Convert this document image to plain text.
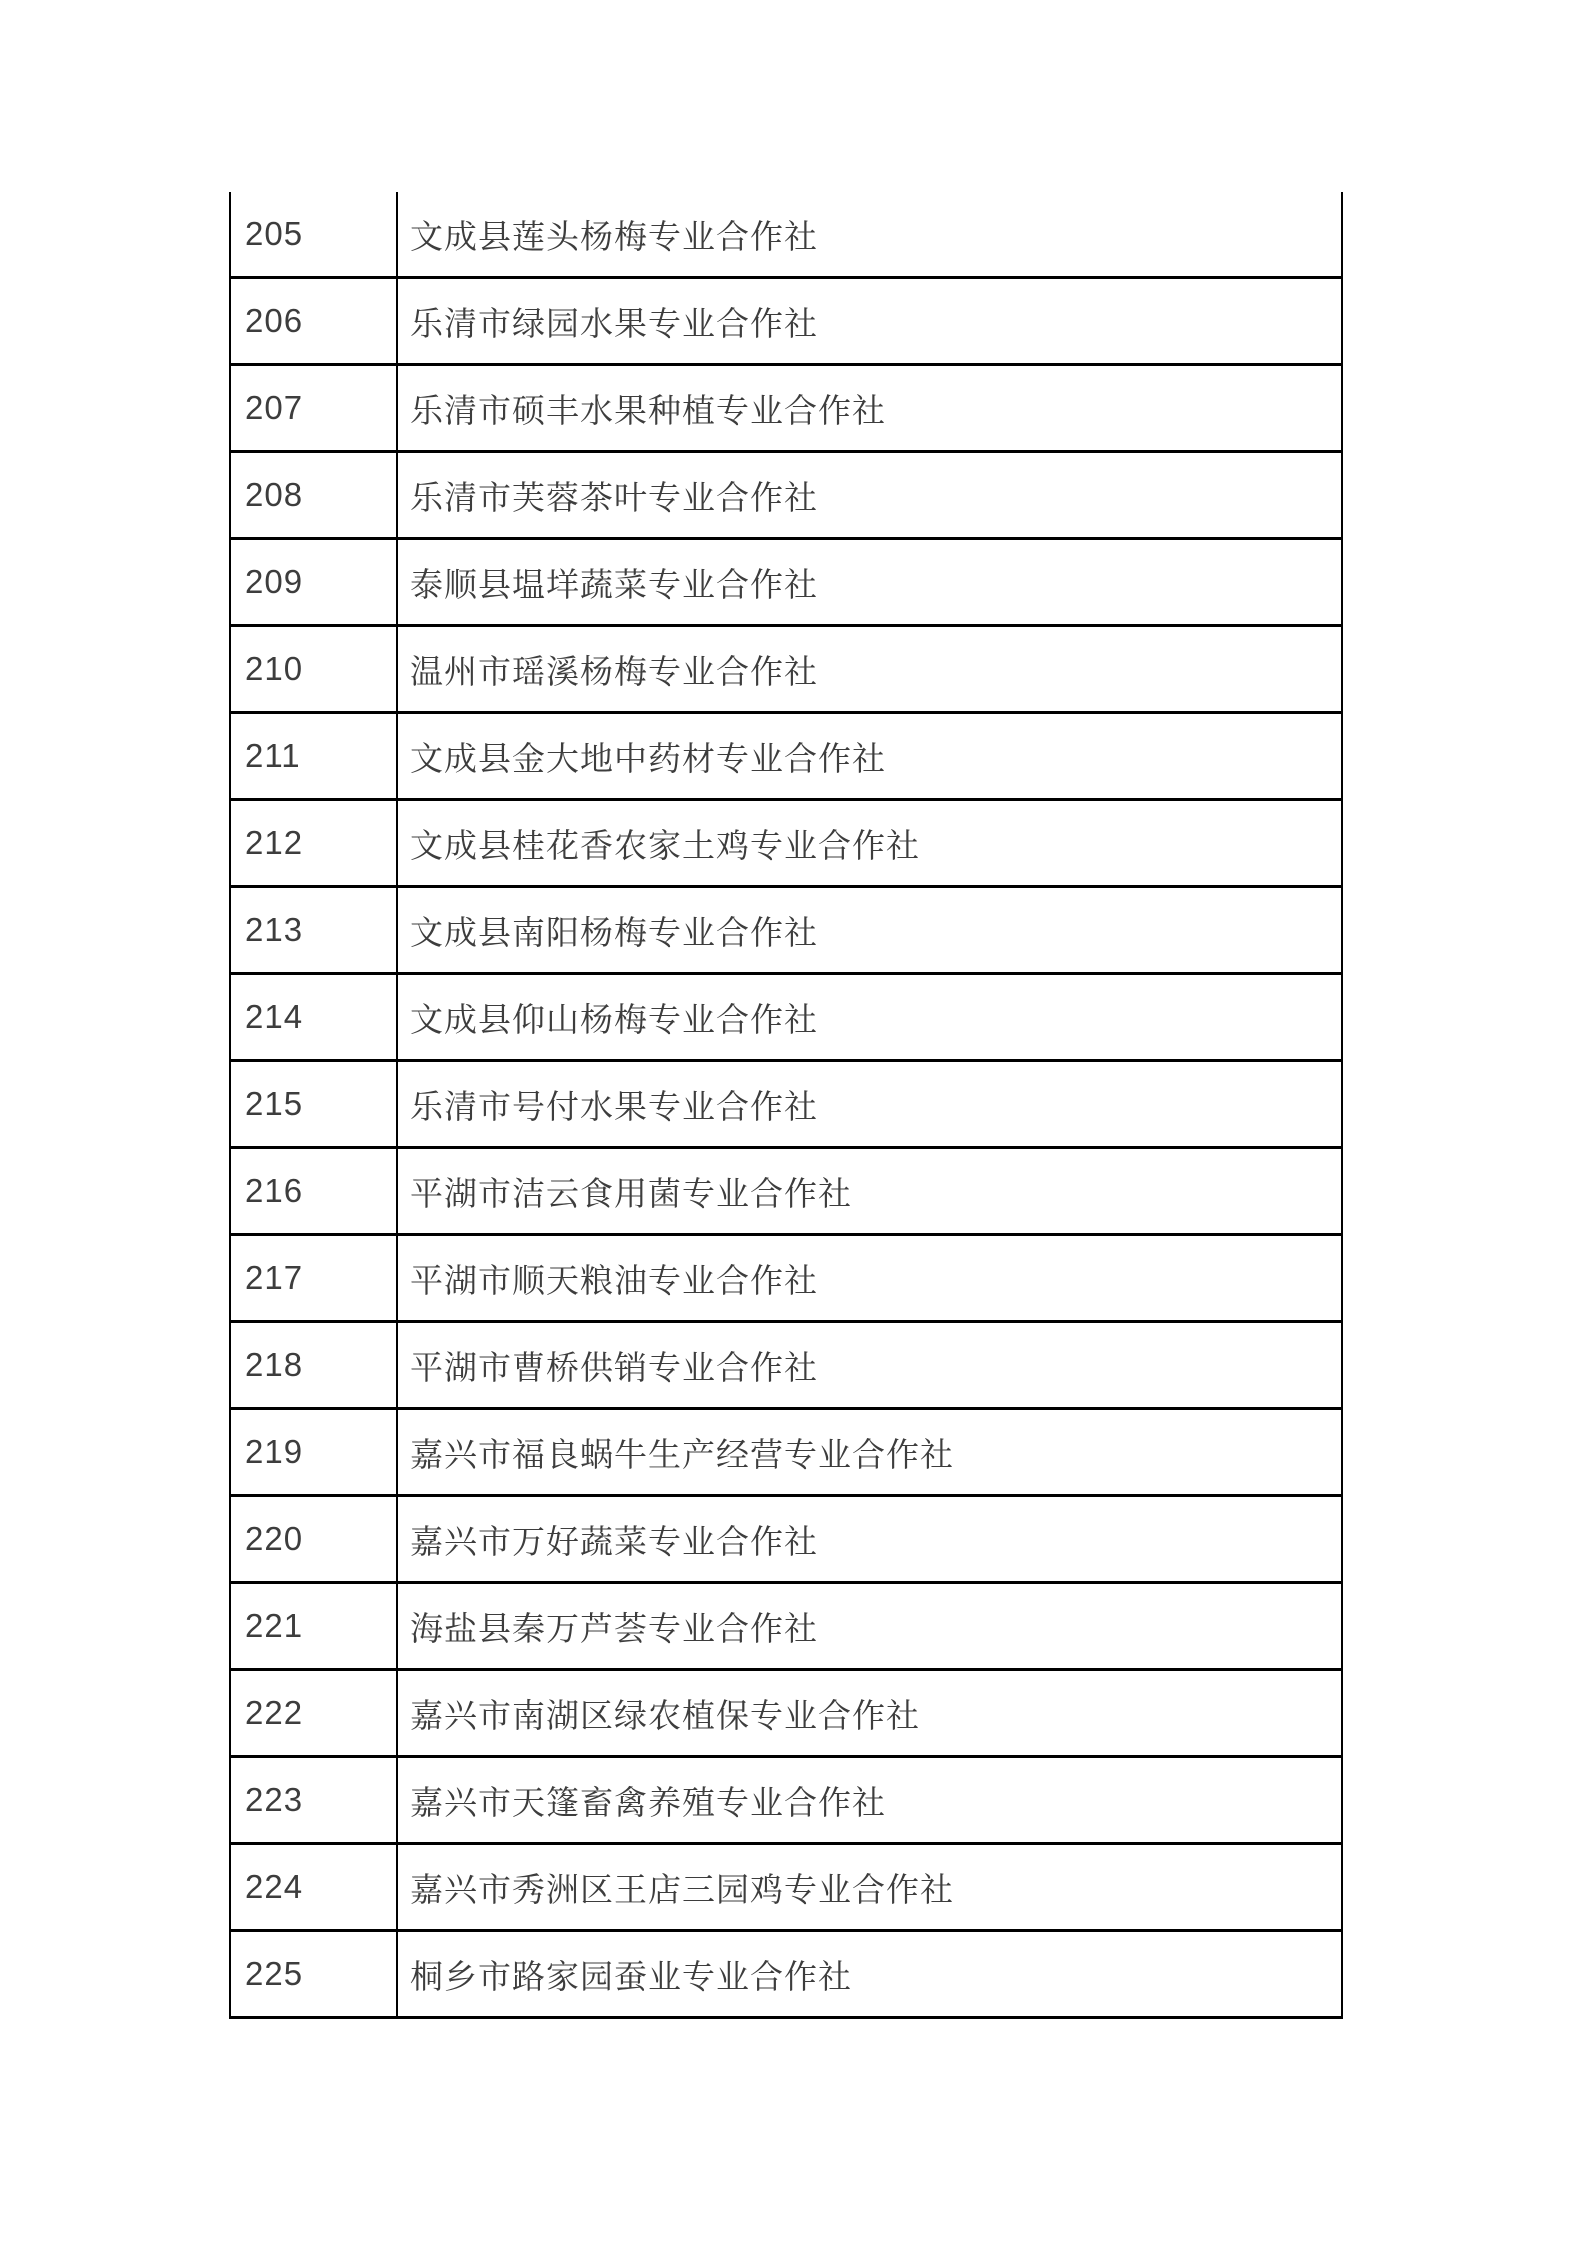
205	文成县莲头杨梅专业合作社
206	乐清市绿园水果专业合作社
207	乐清市硕丰水果种植专业合作社
208	乐清市芙蓉茶叶专业合作社
209	泰顺县塭垟蔬菜专业合作社
210	温州市瑶溪杨梅专业合作社
211	文成县金大地中药材专业合作社
212	文成县桂花香农家土鸡专业合作社
213	文成县南阳杨梅专业合作社
214	文成县仰山杨梅专业合作社
215	乐清市号付水果专业合作社
216	平湖市洁云食用菌专业合作社
217	平湖市顺天粮油专业合作社
218	平湖市曹桥供销专业合作社
219	嘉兴市福良蜗牛生产经营专业合作社
220	嘉兴市万好蔬菜专业合作社
221	海盐县秦万芦荟专业合作社
222	嘉兴市南湖区绿农植保专业合作社
223	嘉兴市天篷畜禽养殖专业合作社
224	嘉兴市秀洲区王店三园鸡专业合作社
225	桐乡市路家园蚕业专业合作社
